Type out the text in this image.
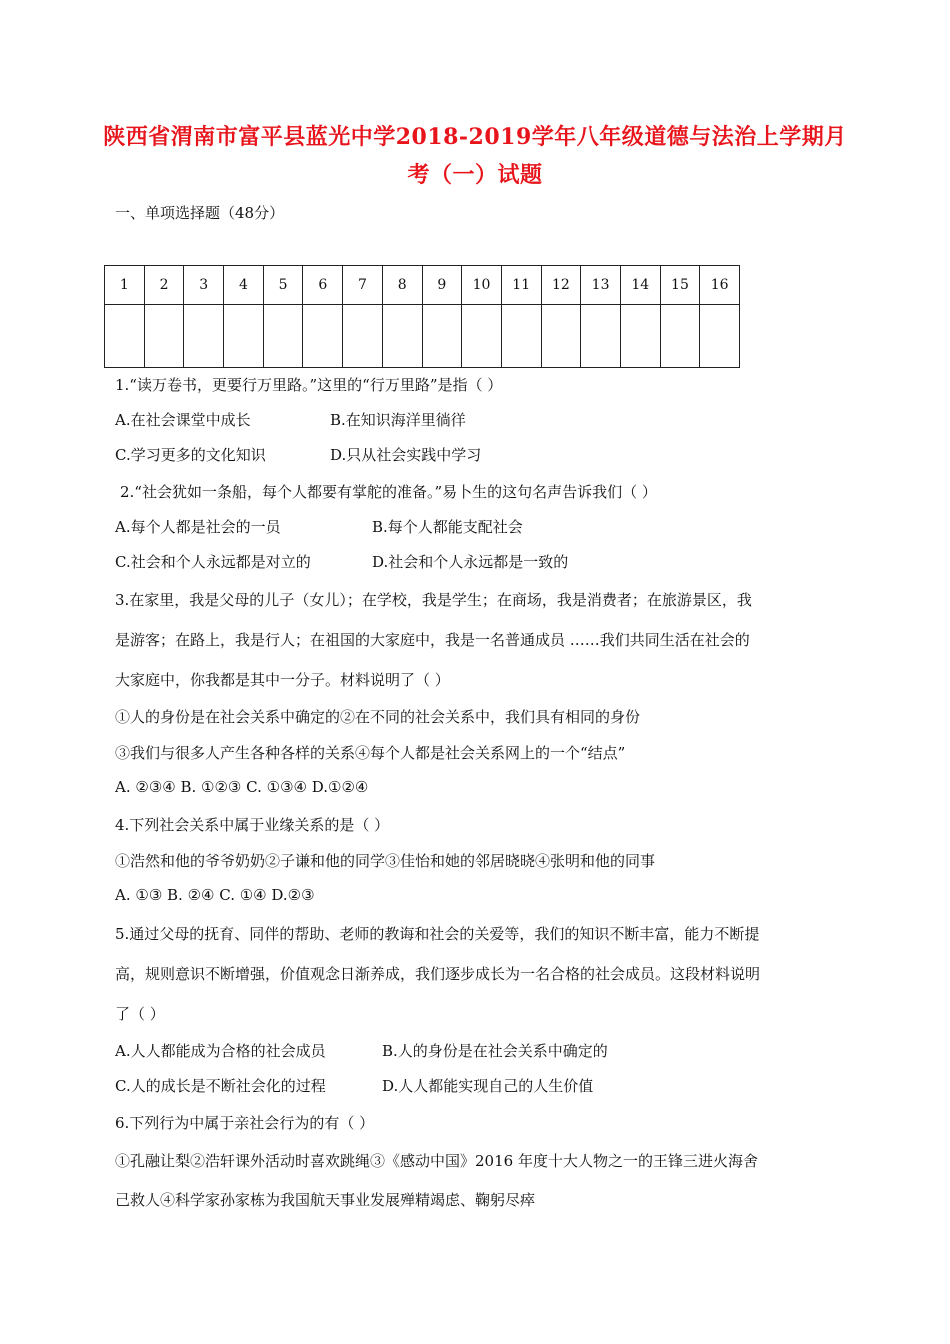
陕西省渭南市富平县蓝光中学2018-2019学年八年级道德与法治上学期月
考（一）试题
一、单项选择题（48分）
1	2	3	4	5	6	7	8	9	10	11	12	13	14	15	16

1.“读万卷书，更要行万里路。”这里的“行万里路”是指（ ）
A.在社会课堂中成长	B.在知识海洋里徜徉
C.学习更多的文化知识	D.只从社会实践中学习
2.“社会犹如一条船，每个人都要有掌舵的准备。”易卜生的这句名声告诉我们（ ）
A.每个人都是社会的一员	B.每个人都能支配社会
C.社会和个人永远都是对立的	D.社会和个人永远都是一致的
3.在家里，我是父母的儿子（女儿）；在学校，我是学生；在商场，我是消费者；在旅游景区，我
是游客；在路上，我是行人；在祖国的大家庭中，我是一名普通成员 ……我们共同生活在社会的
大家庭中，你我都是其中一分子。材料说明了（ ）
①人的身份是在社会关系中确定的②在不同的社会关系中，我们具有相同的身份
③我们与很多人产生各种各样的关系④每个人都是社会关系网上的一个“结点”
A. ②③④ B. ①②③ C. ①③④ D.①②④
4.下列社会关系中属于业缘关系的是（ ）
①浩然和他的爷爷奶奶②子谦和他的同学③佳怡和她的邻居晓晓④张明和他的同事
A. ①③ B. ②④ C. ①④ D.②③
5.通过父母的抚育、同伴的帮助、老师的教诲和社会的关爱等，我们的知识不断丰富，能力不断提
高，规则意识不断增强，价值观念日渐养成，我们逐步成长为一名合格的社会成员。这段材料说明
了（ ）
A.人人都能成为合格的社会成员	B.人的身份是在社会关系中确定的
C.人的成长是不断社会化的过程	D.人人都能实现自己的人生价值
6.下列行为中属于亲社会行为的有（ ）
①孔融让梨②浩轩课外活动时喜欢跳绳③《感动中国》2016 年度十大人物之一的王锋三进火海舍
己救人④科学家孙家栋为我国航天事业发展殚精竭虑、鞠躬尽瘁
